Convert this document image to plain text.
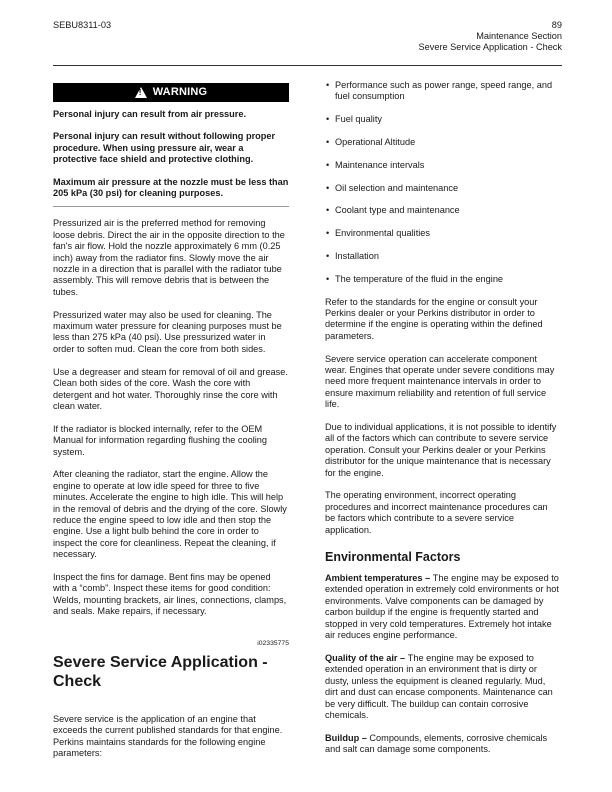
SEBU8311-03	89
Maintenance Section
Severe Service Application - Check
!
WARNING

Personal injury can result from air pressure.

Personal injury can result without following proper procedure. When using pressure air, wear a protective face shield and protective clothing.

Maximum air pressure at the nozzle must be less than 205 kPa (30 psi) for cleaning purposes.

Pressurized air is the preferred method for removing loose debris. Direct the air in the opposite direction to the fan's air flow. Hold the nozzle approximately 6 mm (0.25 inch) away from the radiator fins. Slowly move the air nozzle in a direction that is parallel with the radiator tube assembly. This will remove debris that is between the tubes.

Pressurized water may also be used for cleaning. The maximum water pressure for cleaning purposes must be less than 275 kPa (40 psi). Use pressurized water in order to soften mud. Clean the core from both sides.

Use a degreaser and steam for removal of oil and grease. Clean both sides of the core. Wash the core with detergent and hot water. Thoroughly rinse the core with clean water.

If the radiator is blocked internally, refer to the OEM Manual for information regarding flushing the cooling system.

After cleaning the radiator, start the engine. Allow the engine to operate at low idle speed for three to five minutes. Accelerate the engine to high idle. This will help in the removal of debris and the drying of the core. Slowly reduce the engine speed to low idle and then stop the engine. Use a light bulb behind the core in order to inspect the core for cleanliness. Repeat the cleaning, if necessary.

Inspect the fins for damage. Bent fins may be opened with a “comb”. Inspect these items for good condition: Welds, mounting brackets, air lines, connections, clamps, and seals. Make repairs, if necessary.

i02335775
Severe Service Application - Check

Severe service is the application of an engine that exceeds the current published standards for that engine. Perkins maintains standards for the following engine parameters:

• Performance such as power range, speed range, and fuel consumption
• Fuel quality
• Operational Altitude
• Maintenance intervals
• Oil selection and maintenance
• Coolant type and maintenance
• Environmental qualities
• Installation
• The temperature of the fluid in the engine

Refer to the standards for the engine or consult your Perkins dealer or your Perkins distributor in order to determine if the engine is operating within the defined parameters.

Severe service operation can accelerate component wear. Engines that operate under severe conditions may need more frequent maintenance intervals in order to ensure maximum reliability and retention of full service life.

Due to individual applications, it is not possible to identify all of the factors which can contribute to severe service operation. Consult your Perkins dealer or your Perkins distributor for the unique maintenance that is necessary for the engine.

The operating environment, incorrect operating procedures and incorrect maintenance procedures can be factors which contribute to a severe service application.

Environmental Factors

Ambient temperatures – The engine may be exposed to extended operation in extremely cold environments or hot environments. Valve components can be damaged by carbon buildup if the engine is frequently started and stopped in very cold temperatures. Extremely hot intake air reduces engine performance.

Quality of the air – The engine may be exposed to extended operation in an environment that is dirty or dusty, unless the equipment is cleaned regularly. Mud, dirt and dust can encase components. Maintenance can be very difficult. The buildup can contain corrosive chemicals.

Buildup – Compounds, elements, corrosive chemicals and salt can damage some components.
